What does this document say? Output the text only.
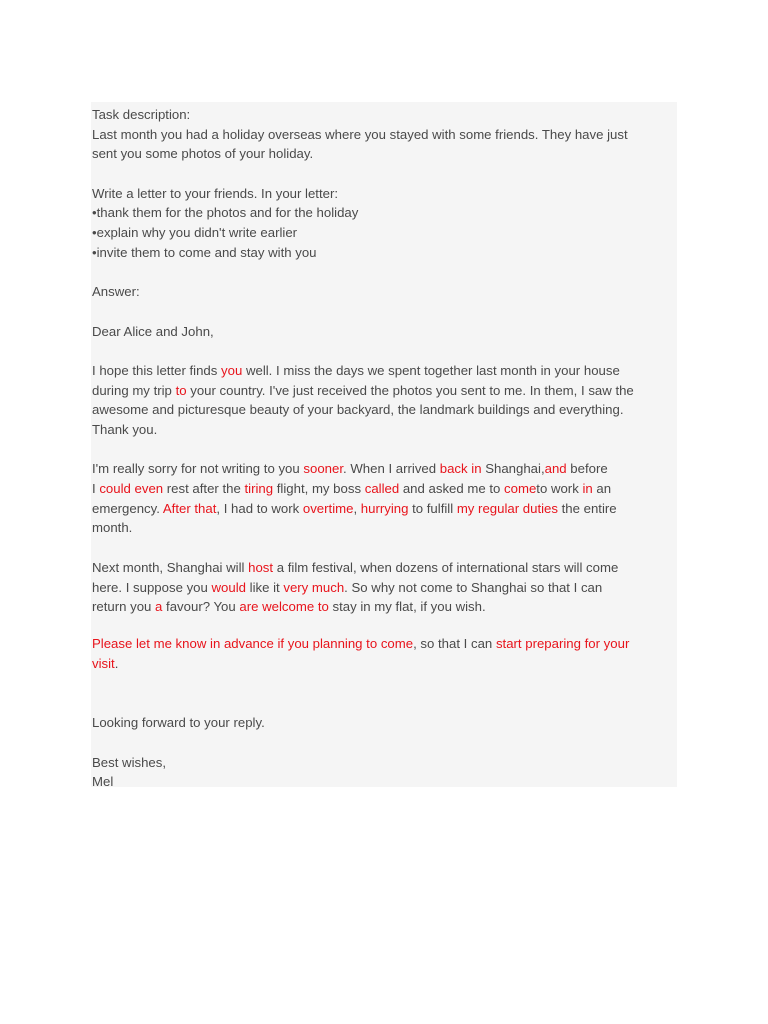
Task description:
Last month you had a holiday overseas where you stayed with some friends. They have just
sent you some photos of your holiday.
Write a letter to your friends. In your letter:
•thank them for the photos and for the holiday
•explain why you didn't write earlier
•invite them to come and stay with you
Answer:
Dear Alice and John,
I hope this letter finds you well. I miss the days we spent together last month in your house
during my trip to your country. I've just received the photos you sent to me. In them, I saw the
awesome and picturesque beauty of your backyard, the landmark buildings and everything.
Thank you.
I'm really sorry for not writing to you sooner. When I arrived back in Shanghai,and before
I could even rest after the tiring flight, my boss called and asked me to cometo work in an
emergency. After that, I had to work overtime, hurrying to fulfill my regular duties the entire
month.
Next month, Shanghai will host a film festival, when dozens of international stars will come
here. I suppose you would like it very much. So why not come to Shanghai so that I can
return you a favour? You are welcome to stay in my flat, if you wish.
Please let me know in advance if you planning to come, so that I can start preparing for your
visit.
Looking forward to your reply.
Best wishes,
Mel
